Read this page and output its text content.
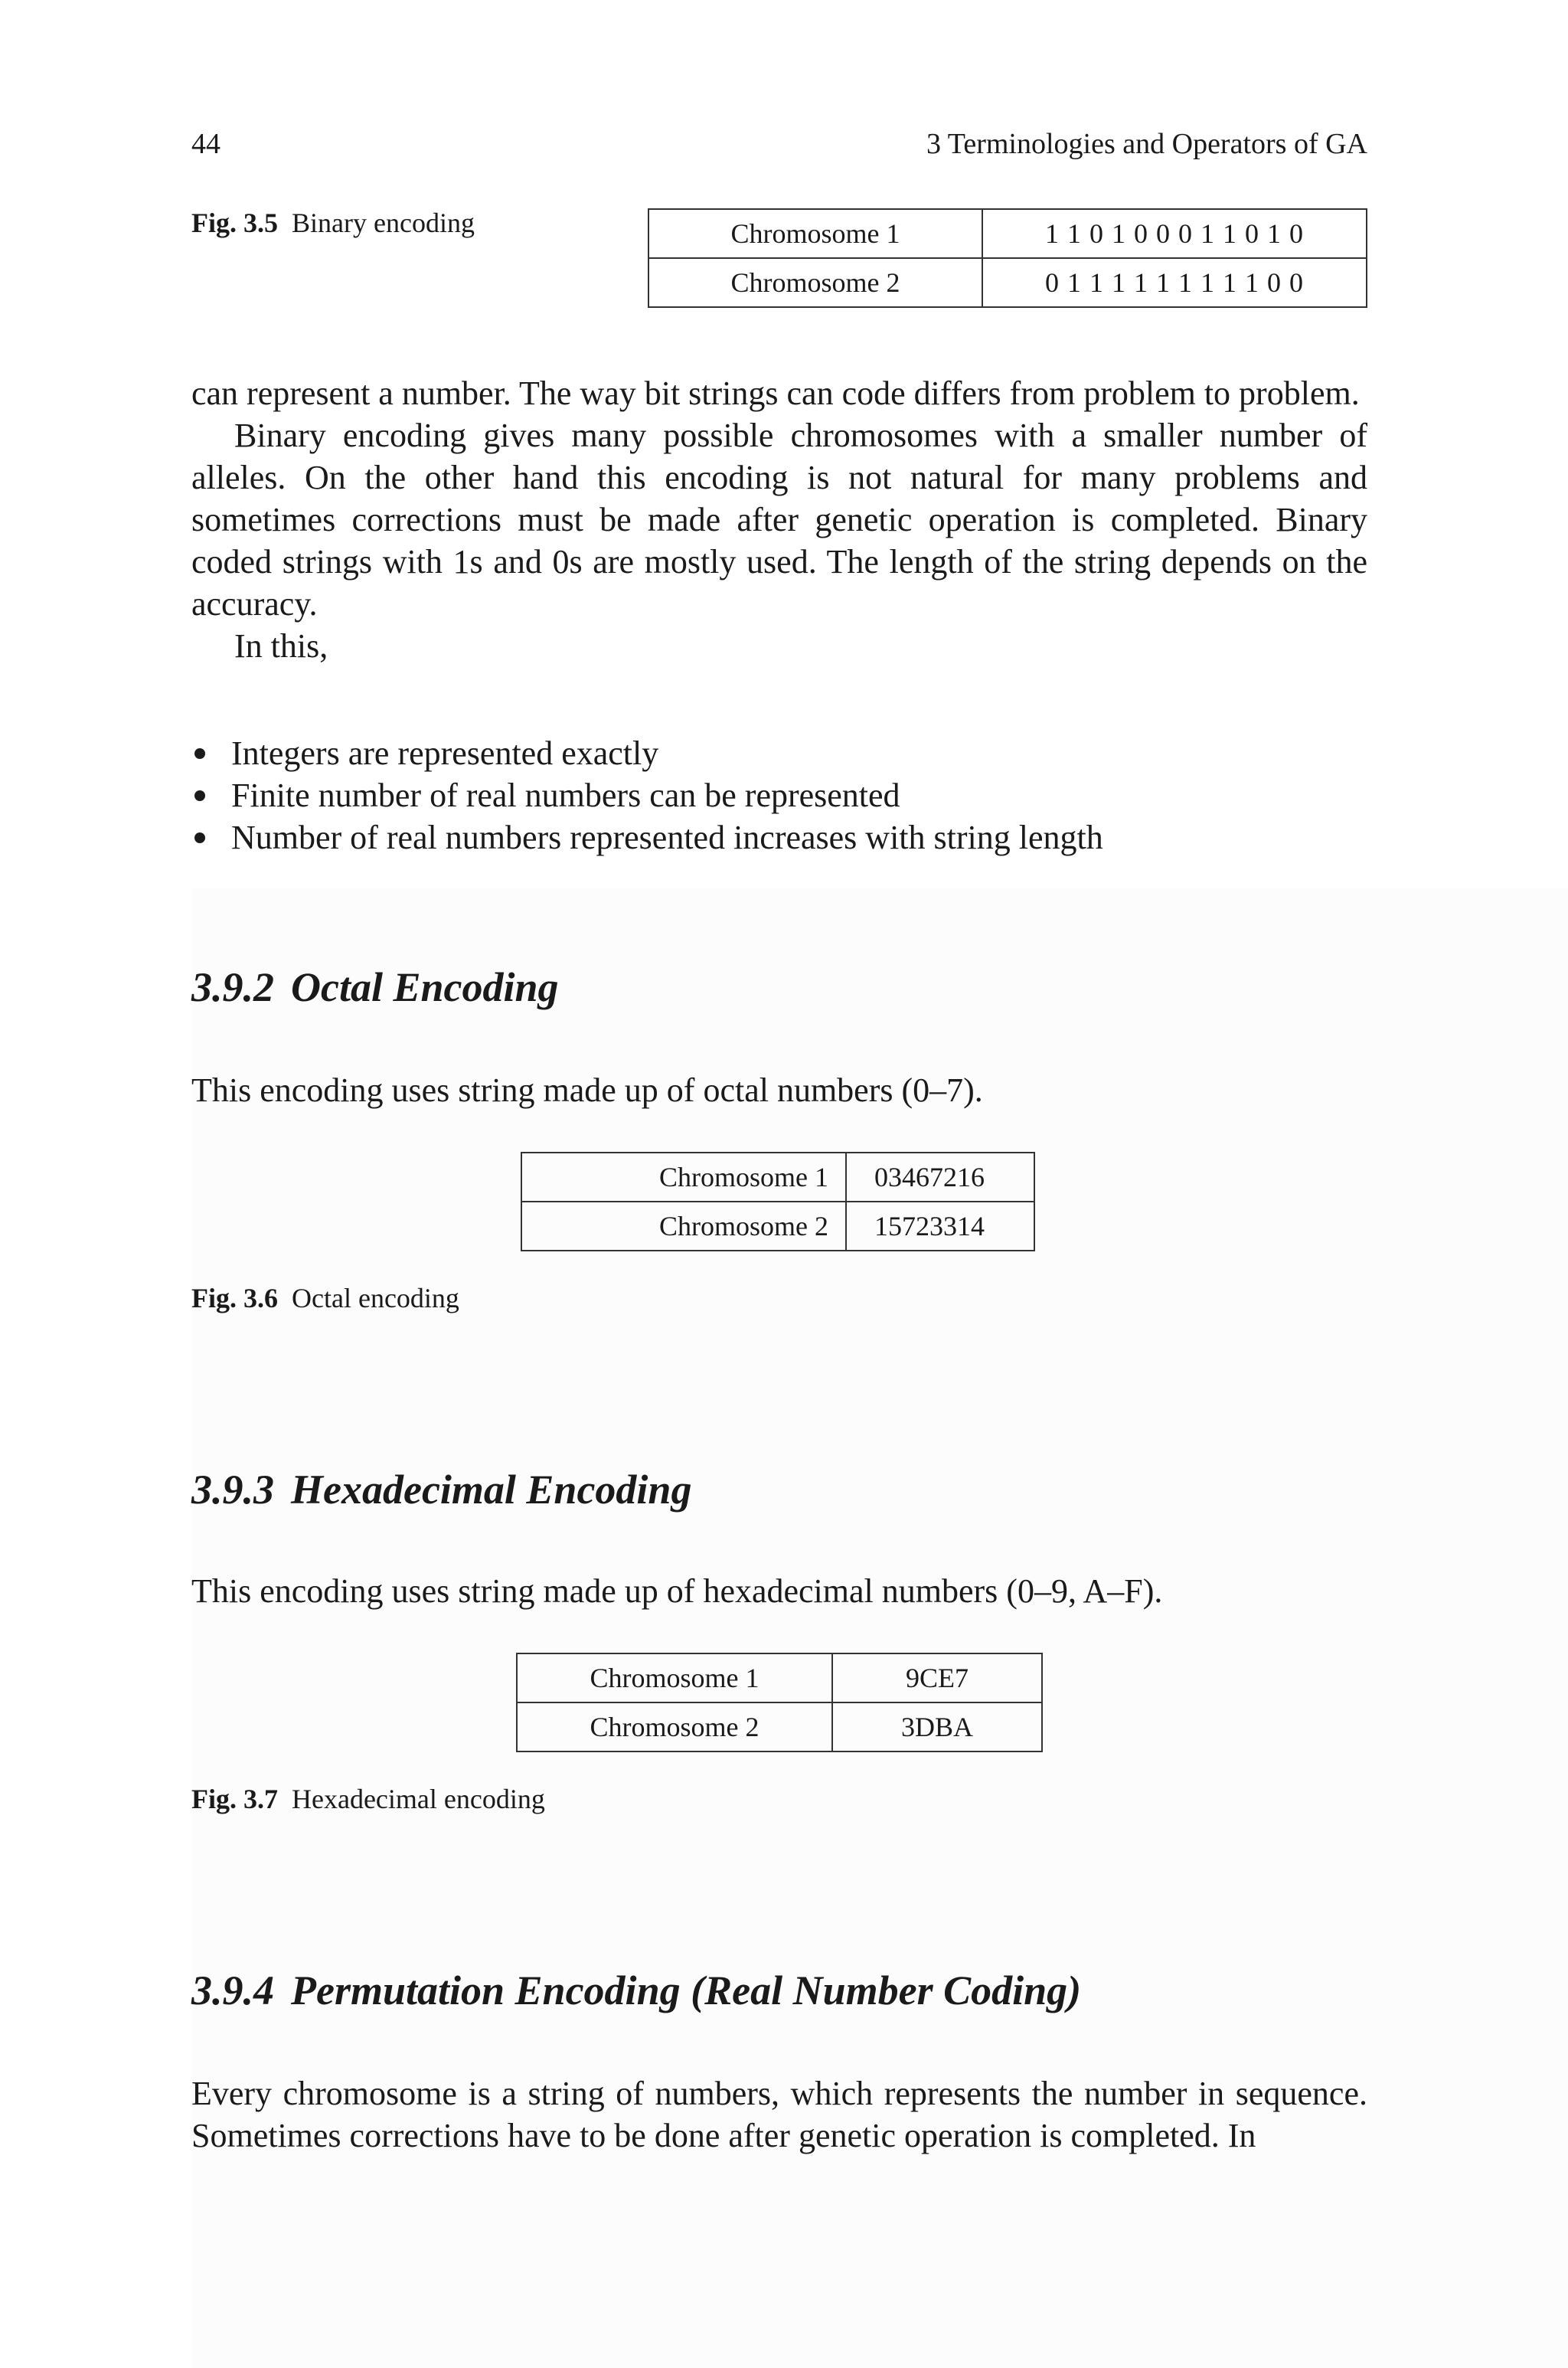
44	3 Terminologies and Operators of GA
Fig. 3.5 Binary encoding	Chromosome 1	1 1 0 1 0 0 0 1 1 0 1 0
Chromosome 2	0 1 1 1 1 1 1 1 1 1 0 0

can represent a number. The way bit strings can code differs from problem to problem.

Binary encoding gives many possible chromosomes with a smaller number of alleles. On the other hand this encoding is not natural for many problems and sometimes corrections must be made after genetic operation is completed. Binary coded strings with 1s and 0s are mostly used. The length of the string depends on the accuracy.

In this,

Integers are represented exactly
Finite number of real numbers can be represented
Number of real numbers represented increases with string length
3.9.2 Octal Encoding

This encoding uses string made up of octal numbers (0–7).

Chromosome 1	03467216
Chromosome 2	15723314
Fig. 3.6 Octal encoding
3.9.3 Hexadecimal Encoding

This encoding uses string made up of hexadecimal numbers (0–9, A–F).

Chromosome 1	9CE7
Chromosome 2	3DBA
Fig. 3.7 Hexadecimal encoding
3.9.4 Permutation Encoding (Real Number Coding)

Every chromosome is a string of numbers, which represents the number in sequence. Sometimes corrections have to be done after genetic operation is completed. In
